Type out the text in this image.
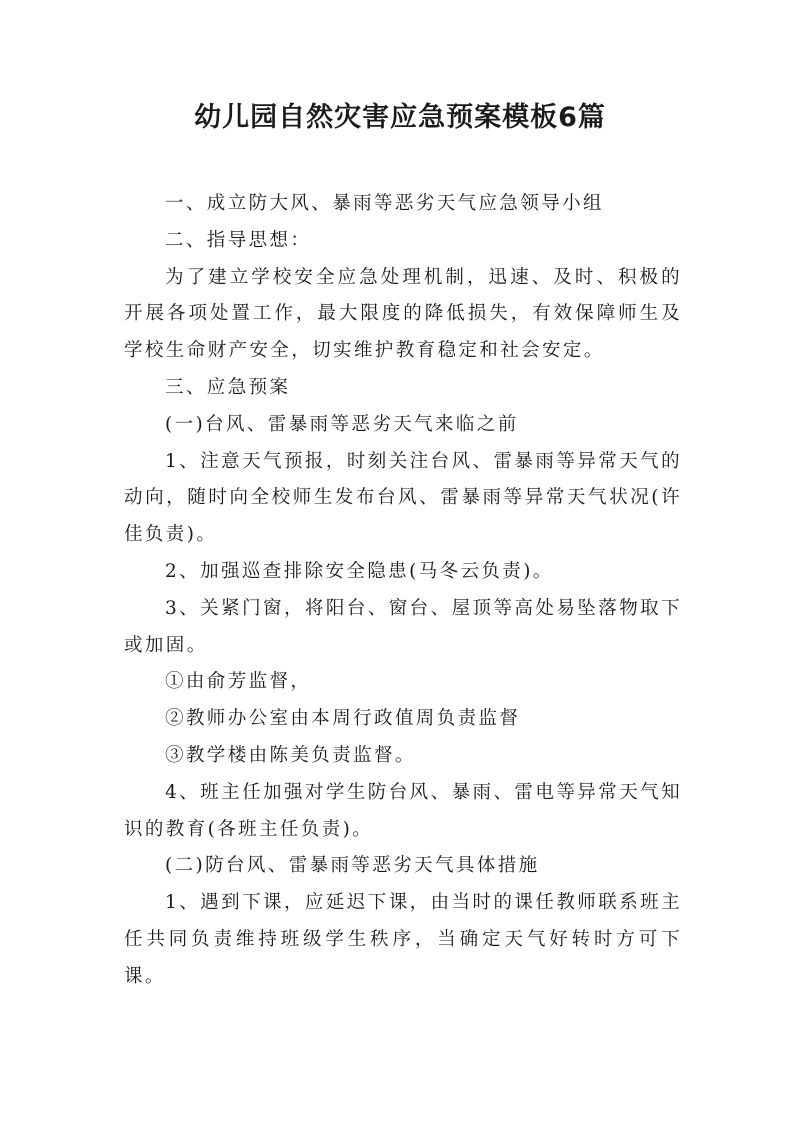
幼儿园自然灾害应急预案模板6篇

一、成立防大风、暴雨等恶劣天气应急领导小组

二、指导思想：

为了建立学校安全应急处理机制，迅速、及时、积极的开展各项处置工作，最大限度的降低损失，有效保障师生及学校生命财产安全，切实维护教育稳定和社会安定。

三、应急预案

(一)台风、雷暴雨等恶劣天气来临之前

1、注意天气预报，时刻关注台风、雷暴雨等异常天气的动向，随时向全校师生发布台风、雷暴雨等异常天气状况(许佳负责)。

2、加强巡查排除安全隐患(马冬云负责)。

3、关紧门窗，将阳台、窗台、屋顶等高处易坠落物取下或加固。

①由俞芳监督，

②教师办公室由本周行政值周负责监督

③教学楼由陈美负责监督。

4、班主任加强对学生防台风、暴雨、雷电等异常天气知识的教育(各班主任负责)。

(二)防台风、雷暴雨等恶劣天气具体措施

1、遇到下课，应延迟下课，由当时的课任教师联系班主任共同负责维持班级学生秩序，当确定天气好转时方可下课。
